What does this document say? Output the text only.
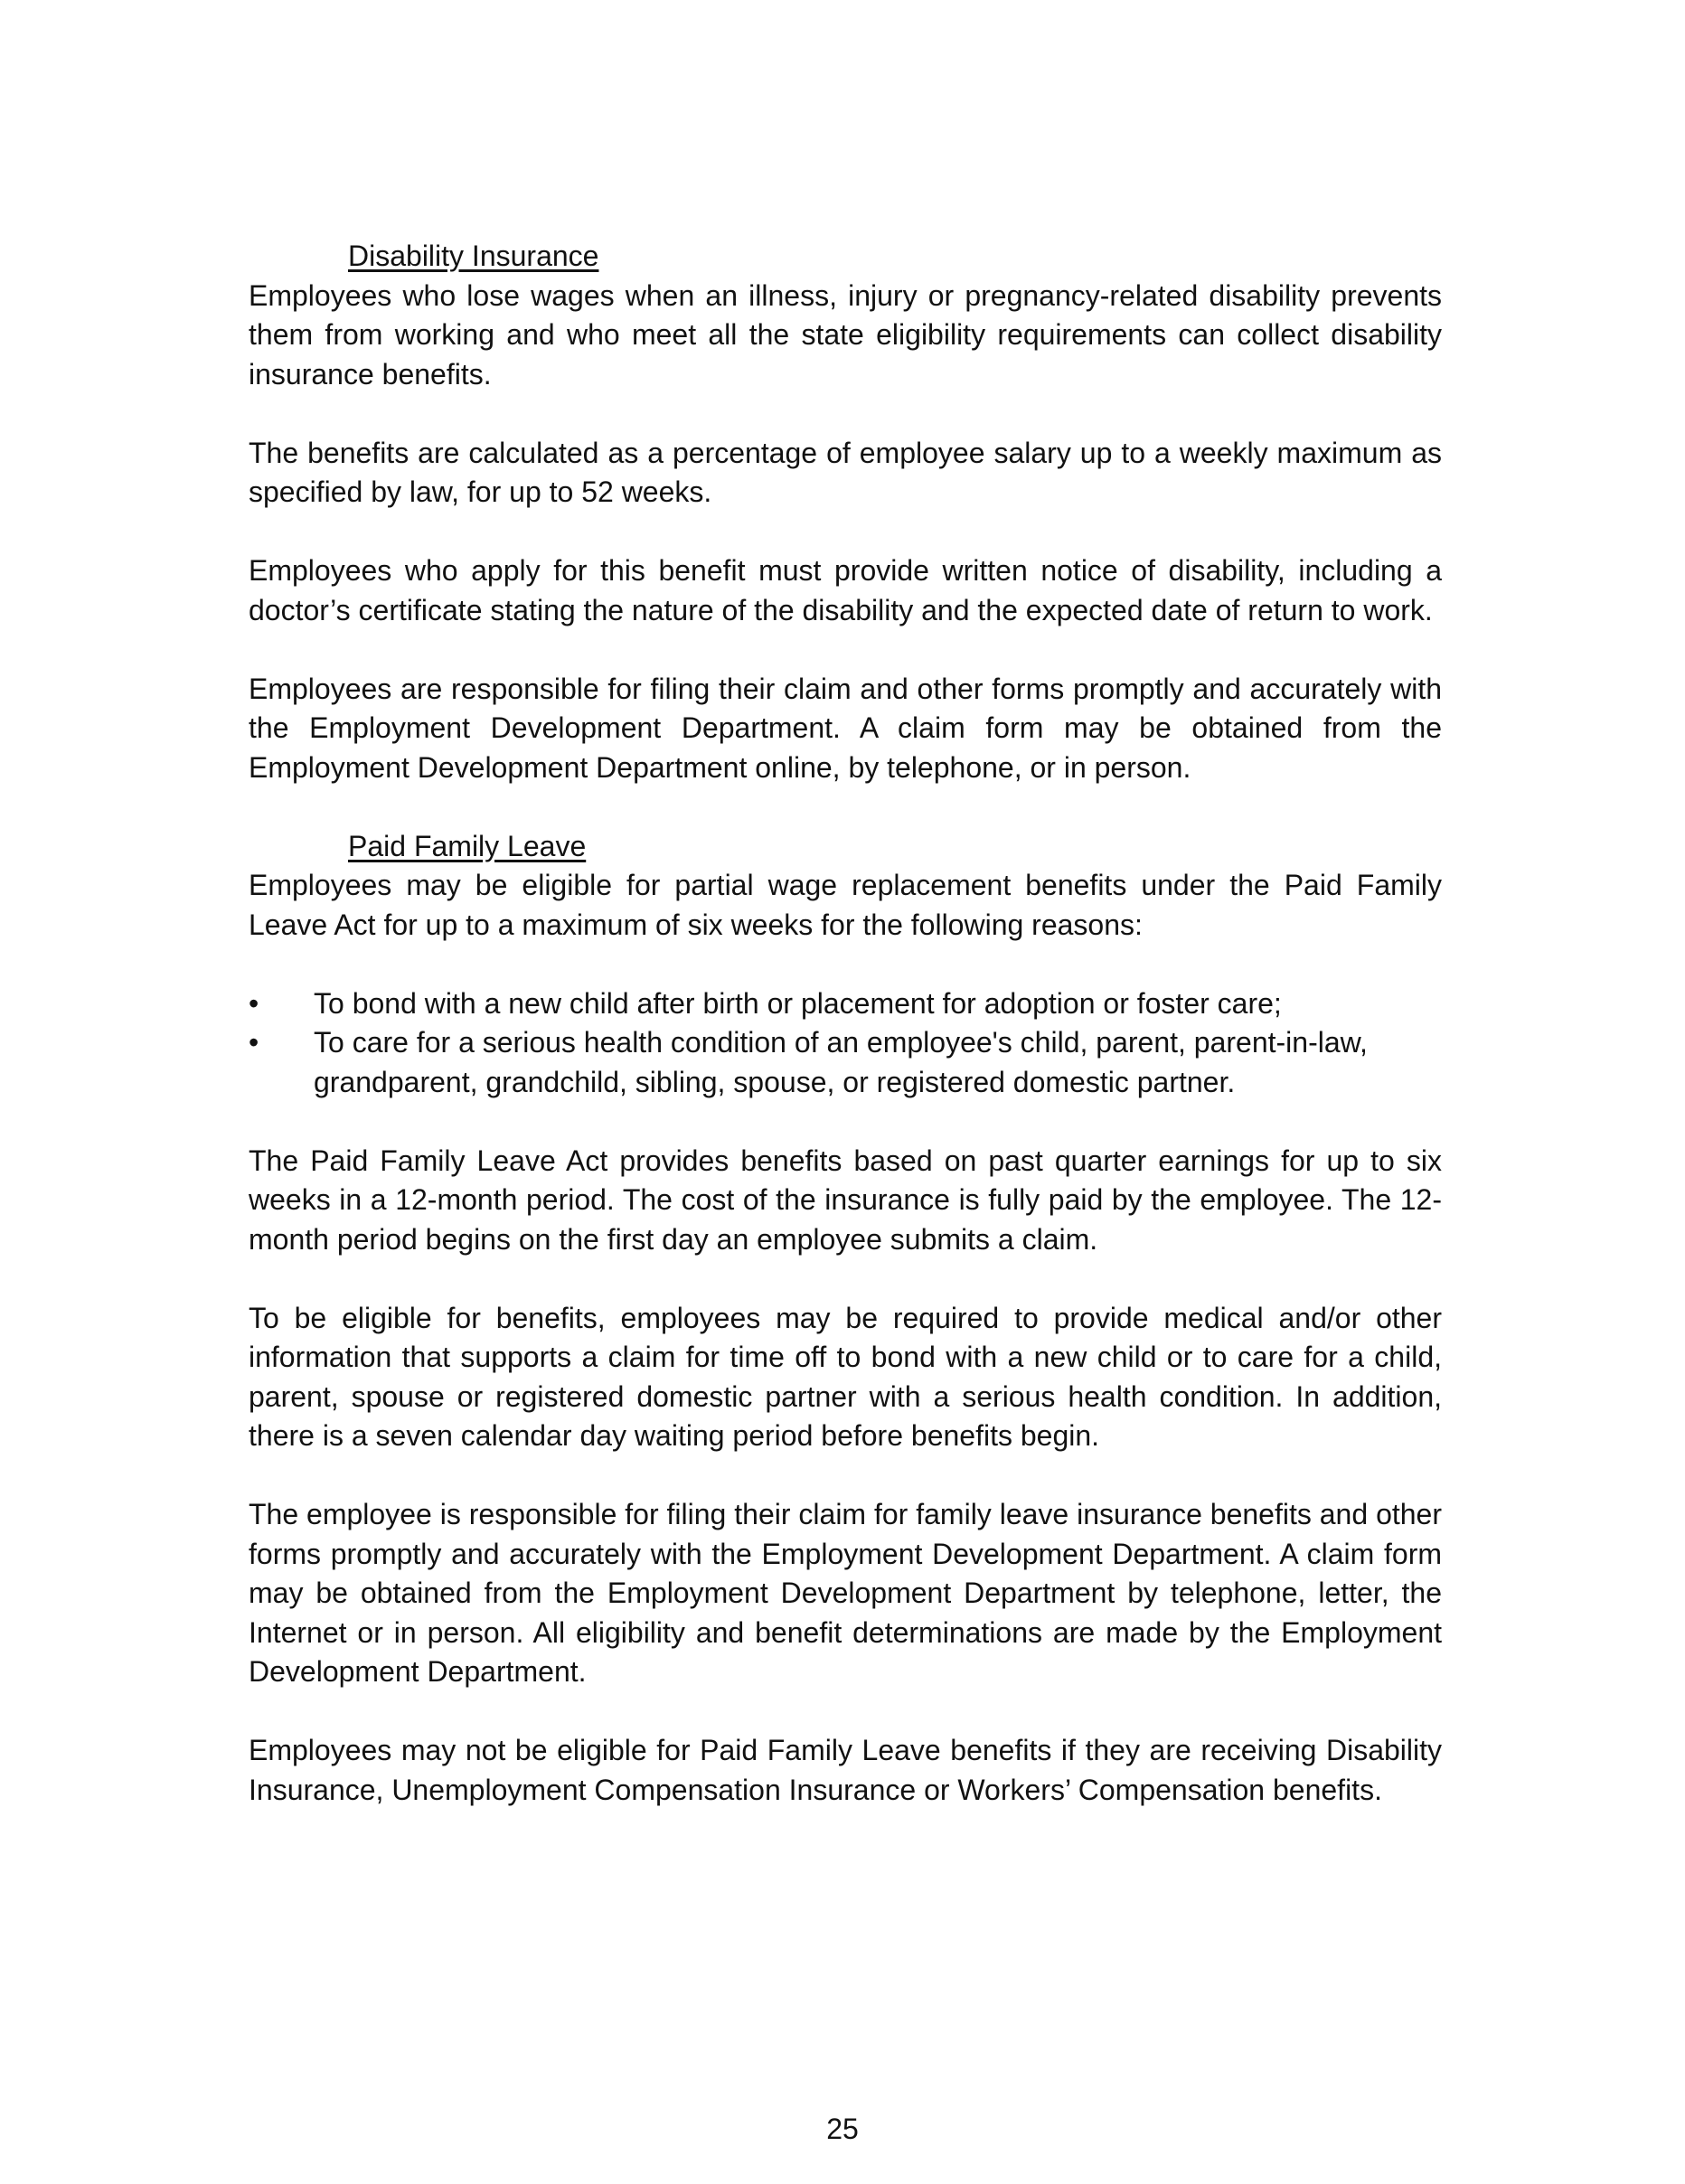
Disability Insurance

Employees who lose wages when an illness, injury or pregnancy-related disability prevents them from working and who meet all the state eligibility requirements can collect disability insurance benefits.

The benefits are calculated as a percentage of employee salary up to a weekly maximum as specified by law, for up to 52 weeks.

Employees who apply for this benefit must provide written notice of disability, including a doctor’s certificate stating the nature of the disability and the expected date of return to work.

Employees are responsible for filing their claim and other forms promptly and accurately with the Employment Development Department. A claim form may be obtained from the Employment Development Department online, by telephone, or in person.

Paid Family Leave

Employees may be eligible for partial wage replacement benefits under the Paid Family Leave Act for up to a maximum of six weeks for the following reasons:

•	To bond with a new child after birth or placement for adoption or foster care;
•	To care for a serious health condition of an employee's child, parent, parent-in-law, grandparent, grandchild, sibling, spouse, or registered domestic partner.

The Paid Family Leave Act provides benefits based on past quarter earnings for up to six weeks in a 12-month period. The cost of the insurance is fully paid by the employee. The 12-month period begins on the first day an employee submits a claim.

To be eligible for benefits, employees may be required to provide medical and/or other information that supports a claim for time off to bond with a new child or to care for a child, parent, spouse or registered domestic partner with a serious health condition. In addition, there is a seven calendar day waiting period before benefits begin.

The employee is responsible for filing their claim for family leave insurance benefits and other forms promptly and accurately with the Employment Development Department. A claim form may be obtained from the Employment Development Department by telephone, letter, the Internet or in person. All eligibility and benefit determinations are made by the Employment Development Department.

Employees may not be eligible for Paid Family Leave benefits if they are receiving Disability Insurance, Unemployment Compensation Insurance or Workers’ Compensation benefits.

25
